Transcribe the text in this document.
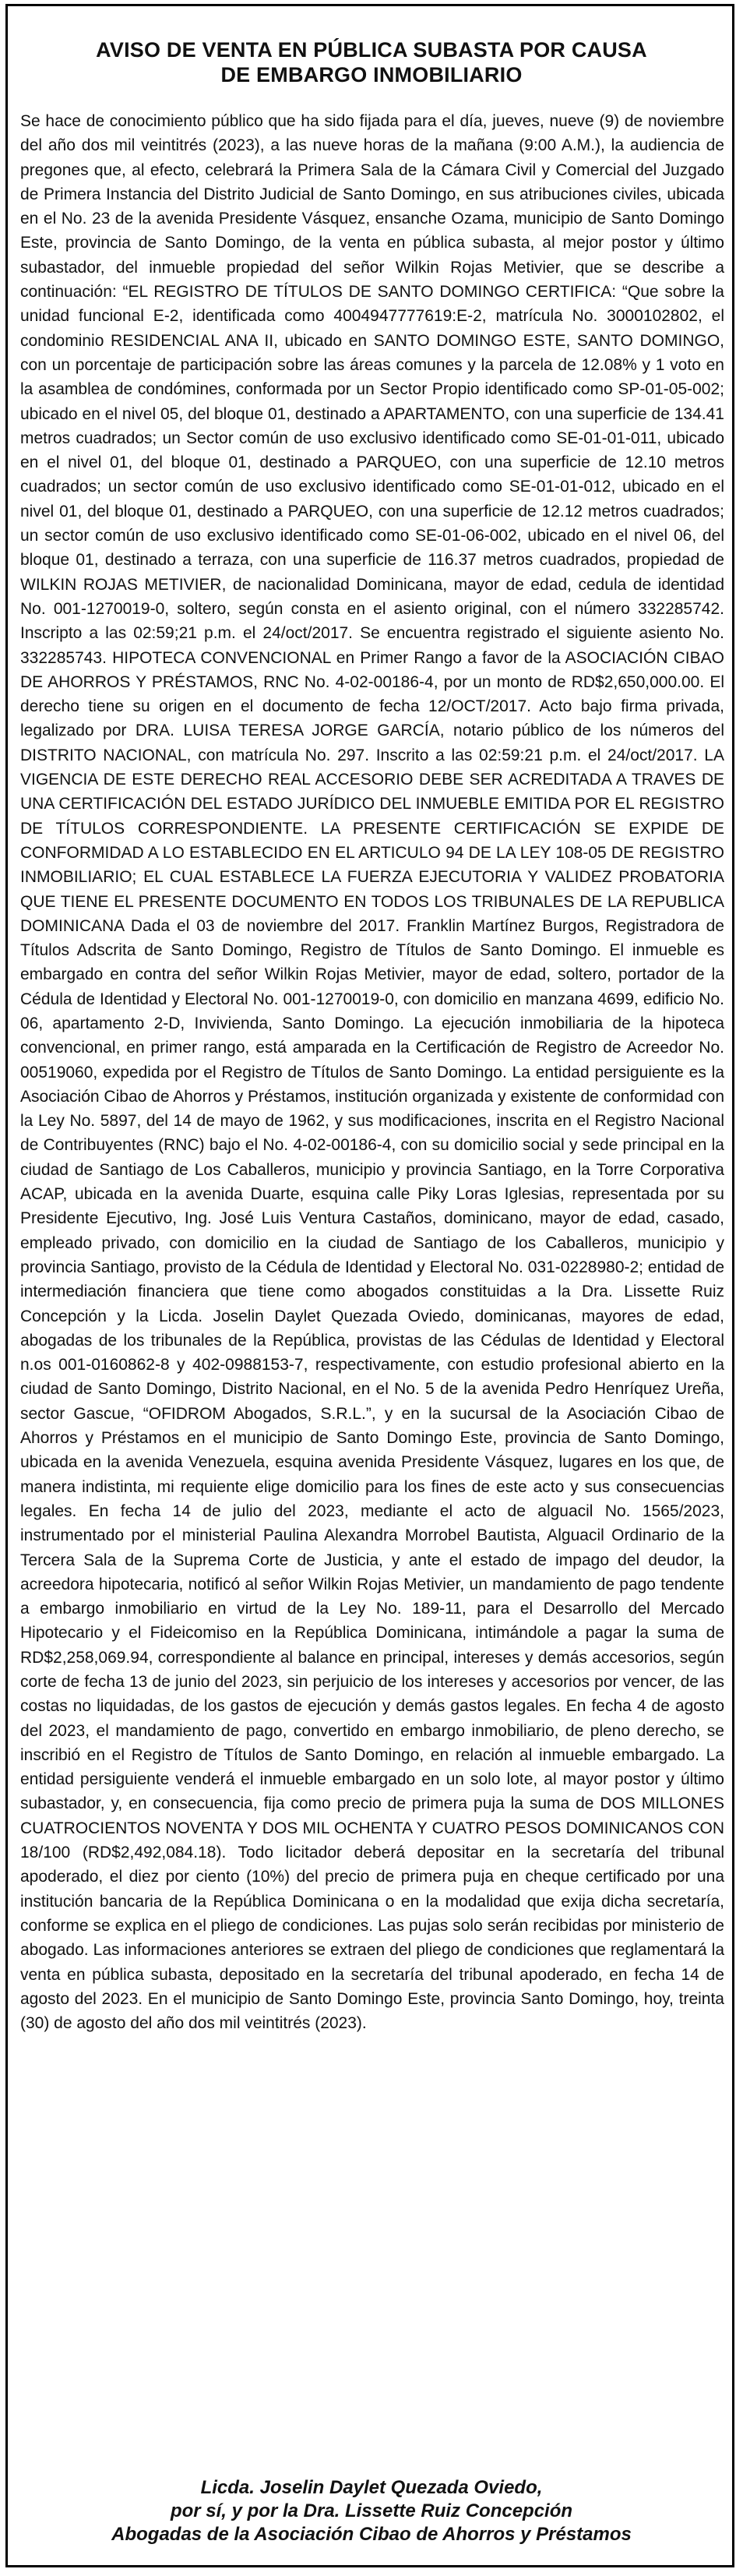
AVISO DE VENTA EN PÚBLICA SUBASTA POR CAUSA
DE EMBARGO INMOBILIARIO
Se hace de conocimiento público que ha sido fijada para el día, jueves, nueve (9) de noviembre del año dos mil veintitrés (2023), a las nueve horas de la mañana (9:00 A.M.), la audiencia de pregones que, al efecto, celebrará la Primera Sala de la Cámara Civil y Comercial del Juzgado de Primera Instancia del Distrito Judicial de Santo Domingo, en sus atribuciones civiles, ubicada en el No. 23 de la avenida Presidente Vásquez, ensanche Ozama, municipio de Santo Domingo Este, provincia de Santo Domingo, de la venta en pública subasta, al mejor postor y último subastador, del inmueble propiedad del señor Wilkin Rojas Metivier, que se describe a continuación: “EL REGISTRO DE TÍTULOS DE SANTO DOMINGO CERTIFICA: “Que sobre la unidad funcional E-2, identificada como 4004947777619:E-2, matrícula No. 3000102802, el condominio RESIDENCIAL ANA II, ubicado en SANTO DOMINGO ESTE, SANTO DOMINGO, con un porcentaje de participación sobre las áreas comunes y la parcela de 12.08% y 1 voto en la asamblea de condómines, conformada por un Sector Propio identificado como SP-01-05-002; ubicado en el nivel 05, del bloque 01, destinado a APARTAMENTO, con una superficie de 134.41 metros cuadrados; un Sector común de uso exclusivo identificado como SE-01-01-011, ubicado en el nivel 01, del bloque 01, destinado a PARQUEO, con una superficie de 12.10 metros cuadrados; un sector común de uso exclusivo identificado como SE-01-01-012, ubicado en el nivel 01, del bloque 01, destinado a PARQUEO, con una superficie de 12.12 metros cuadrados; un sector común de uso exclusivo identificado como SE-01-06-002, ubicado en el nivel 06, del bloque 01, destinado a terraza, con una superficie de 116.37 metros cuadrados, propiedad de WILKIN ROJAS METIVIER, de nacionalidad Dominicana, mayor de edad, cedula de identidad No. 001-1270019-0, soltero, según consta en el asiento original, con el número 332285742. Inscripto a las 02:59;21 p.m. el 24/oct/2017. Se encuentra registrado el siguiente asiento No. 332285743. HIPOTECA CONVENCIONAL en Primer Rango a favor de la ASOCIACIÓN CIBAO DE AHORROS Y PRÉSTAMOS, RNC No. 4-02-00186-4, por un monto de RD$2,650,000.00. El derecho tiene su origen en el documento de fecha 12/OCT/2017. Acto bajo firma privada, legalizado por DRA. LUISA TERESA JORGE GARCÍA, notario público de los números del DISTRITO NACIONAL, con matrícula No. 297. Inscrito a las 02:59:21 p.m. el 24/oct/2017. LA VIGENCIA DE ESTE DERECHO REAL ACCESORIO DEBE SER ACREDITADA A TRAVES DE UNA CERTIFICACIÓN DEL ESTADO JURÍDICO DEL INMUEBLE EMITIDA POR EL REGISTRO DE TÍTULOS CORRESPONDIENTE. LA PRESENTE CERTIFICACIÓN SE EXPIDE DE CONFORMIDAD A LO ESTABLECIDO EN EL ARTICULO 94 DE LA LEY 108-05 DE REGISTRO INMOBILIARIO; EL CUAL ESTABLECE LA FUERZA EJECUTORIA Y VALIDEZ PROBATORIA QUE TIENE EL PRESENTE DOCUMENTO EN TODOS LOS TRIBUNALES DE LA REPUBLICA DOMINICANA Dada el 03 de noviembre del 2017. Franklin Martínez Burgos, Registradora de Títulos Adscrita de Santo Domingo, Registro de Títulos de Santo Domingo. El inmueble es embargado en contra del señor Wilkin Rojas Metivier, mayor de edad, soltero, portador de la Cédula de Identidad y Electoral No. 001-1270019-0, con domicilio en manzana 4699, edificio No. 06, apartamento 2-D, Invivienda, Santo Domingo. La ejecución inmobiliaria de la hipoteca convencional, en primer rango, está amparada en la Certificación de Registro de Acreedor No. 00519060, expedida por el Registro de Títulos de Santo Domingo. La entidad persiguiente es la Asociación Cibao de Ahorros y Préstamos, institución organizada y existente de conformidad con la Ley No. 5897, del 14 de mayo de 1962, y sus modificaciones, inscrita en el Registro Nacional de Contribuyentes (RNC) bajo el No. 4-02-00186-4, con su domicilio social y sede principal en la ciudad de Santiago de Los Caballeros, municipio y provincia Santiago, en la Torre Corporativa ACAP, ubicada en la avenida Duarte, esquina calle Piky Loras Iglesias, representada por su Presidente Ejecutivo, Ing. José Luis Ventura Castaños, dominicano, mayor de edad, casado, empleado privado, con domicilio en la ciudad de Santiago de los Caballeros, municipio y provincia Santiago, provisto de la Cédula de Identidad y Electoral No. 031-0228980-2; entidad de intermediación financiera que tiene como abogados constituidas a la Dra. Lissette Ruiz Concepción y la Licda. Joselin Daylet Quezada Oviedo, dominicanas, mayores de edad, abogadas de los tribunales de la República, provistas de las Cédulas de Identidad y Electoral n.os 001-0160862-8 y 402-0988153-7, respectivamente, con estudio profesional abierto en la ciudad de Santo Domingo, Distrito Nacional, en el No. 5 de la avenida Pedro Henríquez Ureña, sector Gascue, “OFIDROM Abogados, S.R.L.”, y en la sucursal de la Asociación Cibao de Ahorros y Préstamos en el municipio de Santo Domingo Este, provincia de Santo Domingo, ubicada en la avenida Venezuela, esquina avenida Presidente Vásquez, lugares en los que, de manera indistinta, mi requiente elige domicilio para los fines de este acto y sus consecuencias legales. En fecha 14 de julio del 2023, mediante el acto de alguacil No. 1565/2023, instrumentado por el ministerial Paulina Alexandra Morrobel Bautista, Alguacil Ordinario de la Tercera Sala de la Suprema Corte de Justicia, y ante el estado de impago del deudor, la acreedora hipotecaria, notificó al señor Wilkin Rojas Metivier, un mandamiento de pago tendente a embargo inmobiliario en virtud de la Ley No. 189-11, para el Desarrollo del Mercado Hipotecario y el Fideicomiso en la República Dominicana, intimándole a pagar la suma de RD$2,258,069.94, correspondiente al balance en principal, intereses y demás accesorios, según corte de fecha 13 de junio del 2023, sin perjuicio de los intereses y accesorios por vencer, de las costas no liquidadas, de los gastos de ejecución y demás gastos legales. En fecha 4 de agosto del 2023, el mandamiento de pago, convertido en embargo inmobiliario, de pleno derecho, se inscribió en el Registro de Títulos de Santo Domingo, en relación al inmueble embargado. La entidad persiguiente venderá el inmueble embargado en un solo lote, al mayor postor y último subastador, y, en consecuencia, fija como precio de primera puja la suma de DOS MILLONES CUATROCIENTOS NOVENTA Y DOS MIL OCHENTA Y CUATRO PESOS DOMINICANOS CON 18/100 (RD$2,492,084.18). Todo licitador deberá depositar en la secretaría del tribunal apoderado, el diez por ciento (10%) del precio de primera puja en cheque certificado por una institución bancaria de la República Dominicana o en la modalidad que exija dicha secretaría, conforme se explica en el pliego de condiciones. Las pujas solo serán recibidas por ministerio de abogado. Las informaciones anteriores se extraen del pliego de condiciones que reglamentará la venta en pública subasta, depositado en la secretaría del tribunal apoderado, en fecha 14 de agosto del 2023. En el municipio de Santo Domingo Este, provincia Santo Domingo, hoy, treinta (30) de agosto del año dos mil veintitrés (2023).
Licda. Joselin Daylet Quezada Oviedo,
por sí, y por la Dra. Lissette Ruiz Concepción
Abogadas de la Asociación Cibao de Ahorros y Préstamos
